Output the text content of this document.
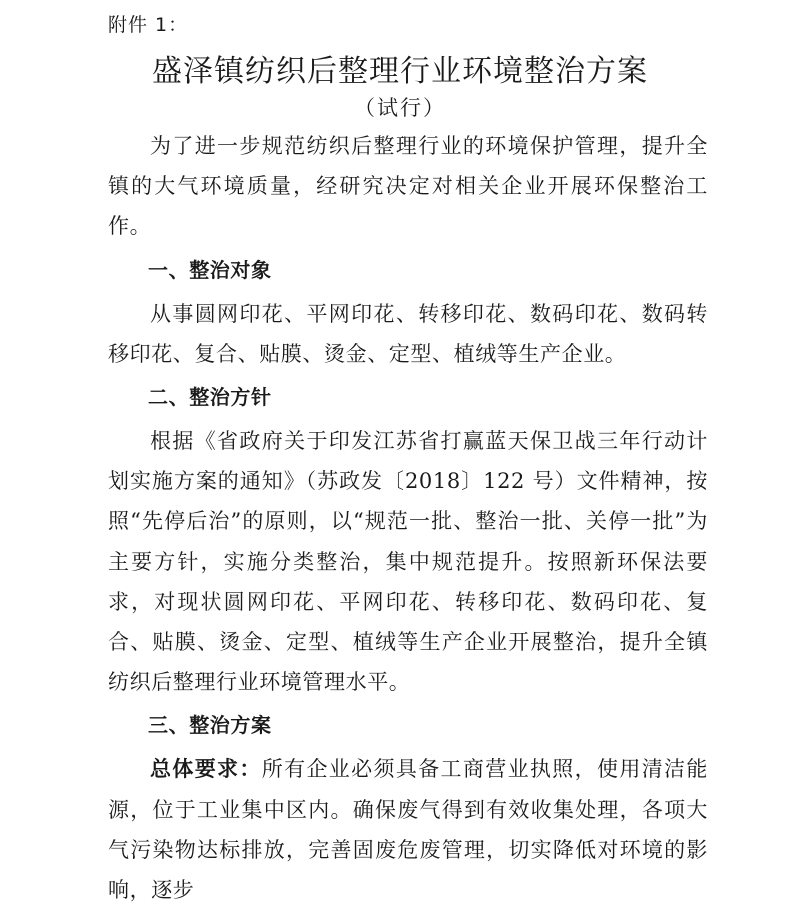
附件 1：
盛泽镇纺织后整理行业环境整治方案
（试行）

为了进一步规范纺织后整理行业的环境保护管理，提升全镇的大气环境质量，经研究决定对相关企业开展环保整治工作。

一、整治对象

从事圆网印花、平网印花、转移印花、数码印花、数码转移印花、复合、贴膜、烫金、定型、植绒等生产企业。

二、整治方针

根据《省政府关于印发江苏省打赢蓝天保卫战三年行动计划实施方案的通知》（苏政发〔2018〕122 号）文件精神，按照“先停后治”的原则，以“规范一批、整治一批、关停一批”为主要方针，实施分类整治，集中规范提升。按照新环保法要求，对现状圆网印花、平网印花、转移印花、数码印花、复合、贴膜、烫金、定型、植绒等生产企业开展整治，提升全镇纺织后整理行业环境管理水平。

三、整治方案

总体要求：所有企业必须具备工商营业执照，使用清洁能源，位于工业集中区内。确保废气得到有效收集处理，各项大气污染物达标排放，完善固废危废管理，切实降低对环境的影响，逐步
